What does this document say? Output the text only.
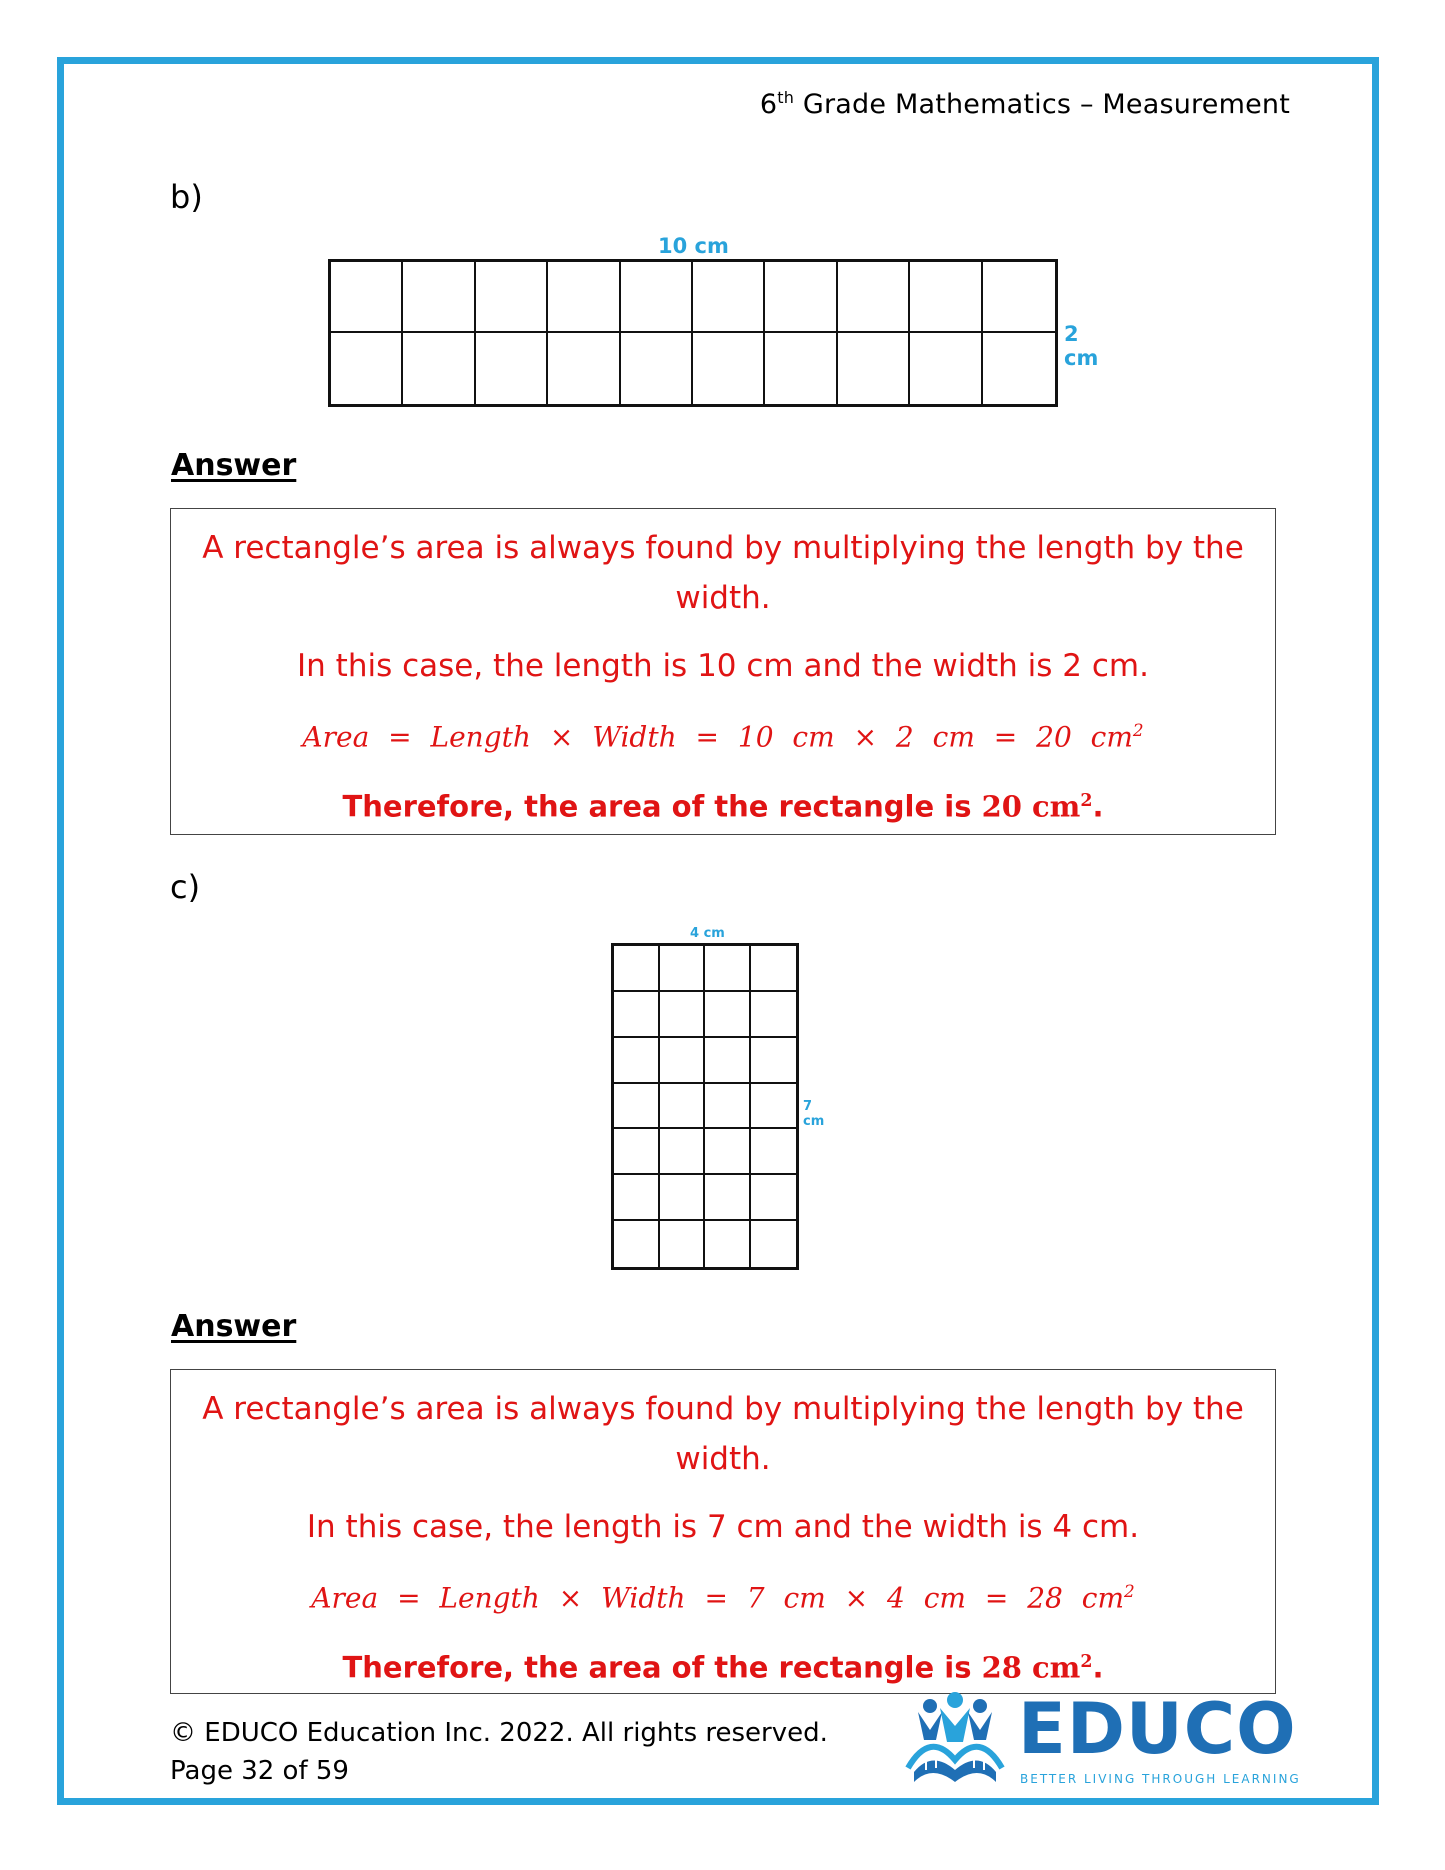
6th Grade Mathematics – Measurement
b)
10 cm
2 cm
Answer
A rectangle’s area is always found by multiplying the length by the width.
In this case, the length is 10 cm and the width is 2 cm.
Area = Length × Width = 10 cm × 2 cm = 20 $cm^2$
Therefore, the area of the rectangle is 20 $cm^2$.
c)
4 cm
7 cm
Answer
A rectangle’s area is always found by multiplying the length by the width.
In this case, the length is 7 cm and the width is 4 cm.
Area = Length × Width = 7 cm × 4 cm = 28 $cm^2$
Therefore, the area of the rectangle is 28 $cm^2$.
© EDUCO Education Inc. 2022. All rights reserved.
Page 32 of 59
EDUCO
BETTER LIVING THROUGH LEARNING
